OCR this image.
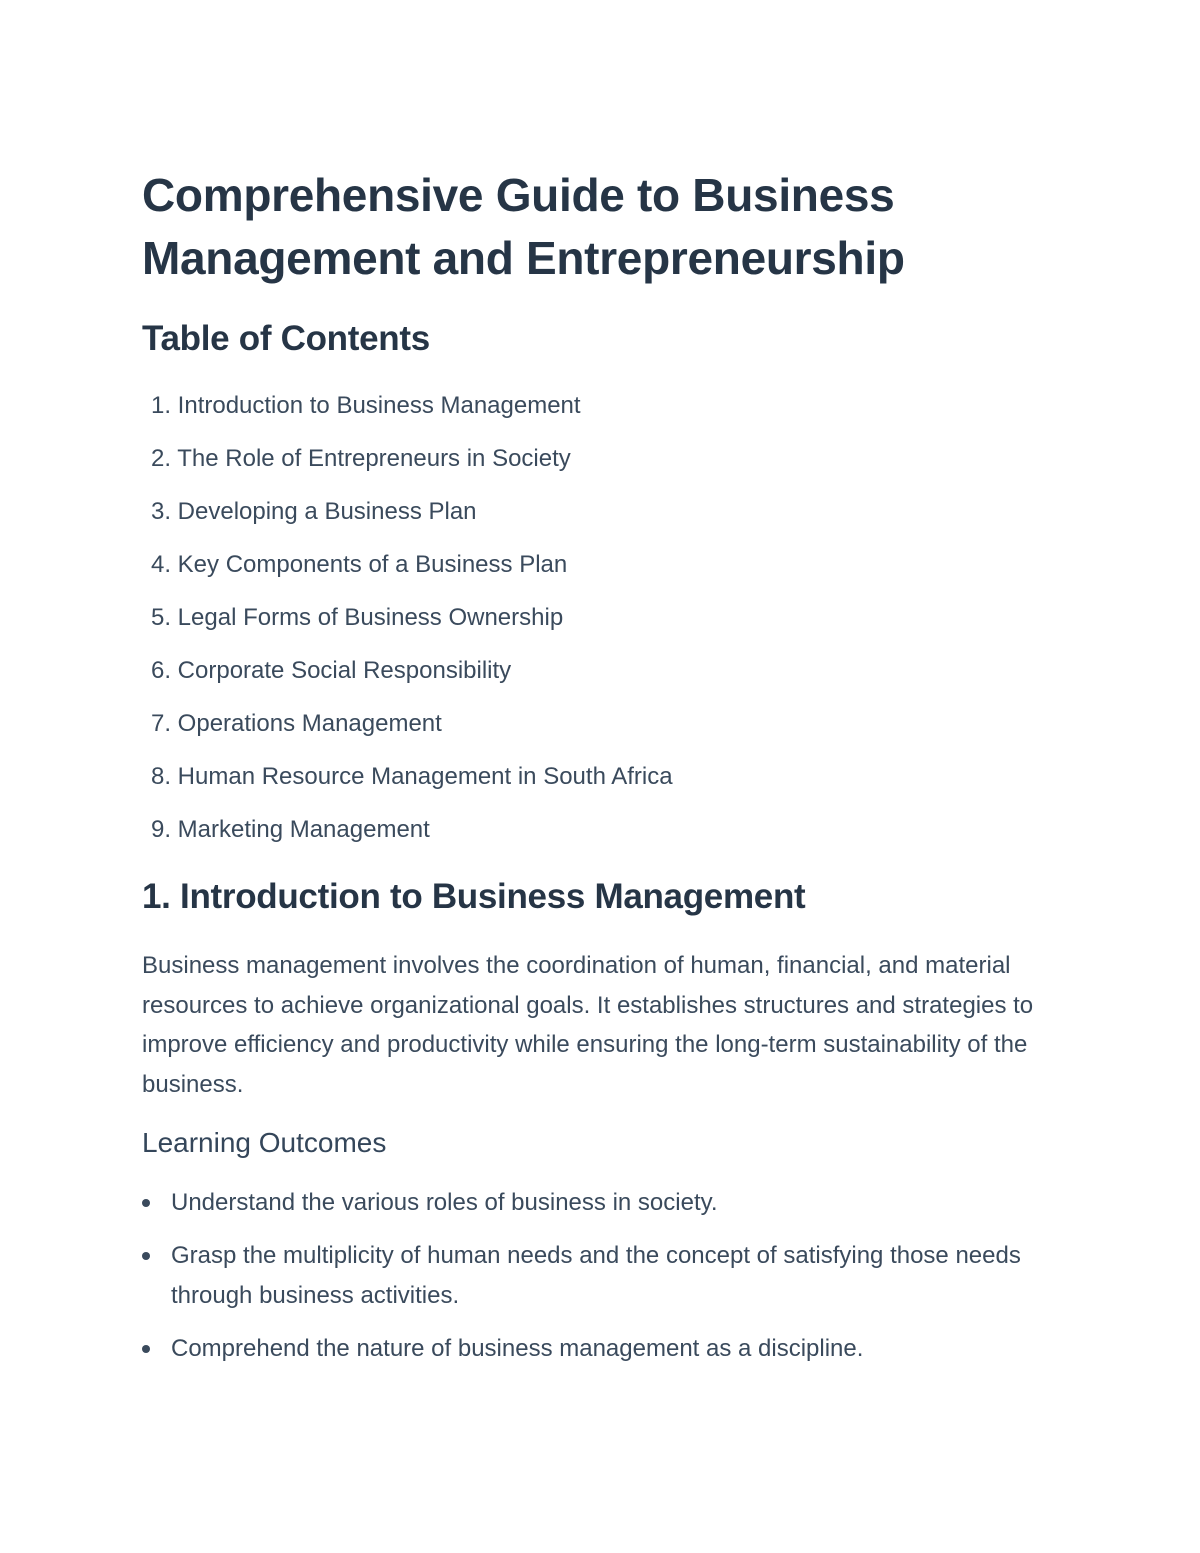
Comprehensive Guide to Business Management and Entrepreneurship
Table of Contents
1. Introduction to Business Management
2. The Role of Entrepreneurs in Society
3. Developing a Business Plan
4. Key Components of a Business Plan
5. Legal Forms of Business Ownership
6. Corporate Social Responsibility
7. Operations Management
8. Human Resource Management in South Africa
9. Marketing Management
1. Introduction to Business Management

Business management involves the coordination of human, financial, and material resources to achieve organizational goals. It establishes structures and strategies to improve efficiency and productivity while ensuring the long-term sustainability of the business.

Learning Outcomes
Understand the various roles of business in society.
Grasp the multiplicity of human needs and the concept of satisfying those needs through business activities.
Comprehend the nature of business management as a discipline.
